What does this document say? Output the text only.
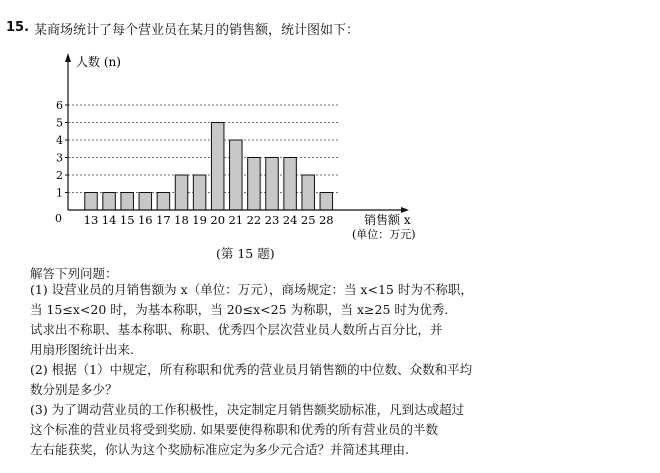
15. 某商场统计了每个营业员在某月的销售额，统计图如下：
人数 (n)
0
1
2
3
4
5
6
13 14 15 16 17 18 19 20 21 22 23 24 25 28	销售额 x
(单位：万元)
(第 15 题)
解答下列问题：
(1) 设营业员的月销售额为 x（单位：万元），商场规定：当 x<15 时为不称职，
当 15≤x<20 时，为基本称职，当 20≤x<25 为称职，当 x≥25 时为优秀.
试求出不称职、基本称职、称职、优秀四个层次营业员人数所占百分比，并
用扇形图统计出来.
(2) 根据（1）中规定，所有称职和优秀的营业员月销售额的中位数、众数和平均
数分别是多少？
(3) 为了调动营业员的工作积极性，决定制定月销售额奖励标准，凡到达或超过
这个标准的营业员将受到奖励. 如果要使得称职和优秀的所有营业员的半数
左右能获奖，你认为这个奖励标准应定为多少元合适？并简述其理由.
